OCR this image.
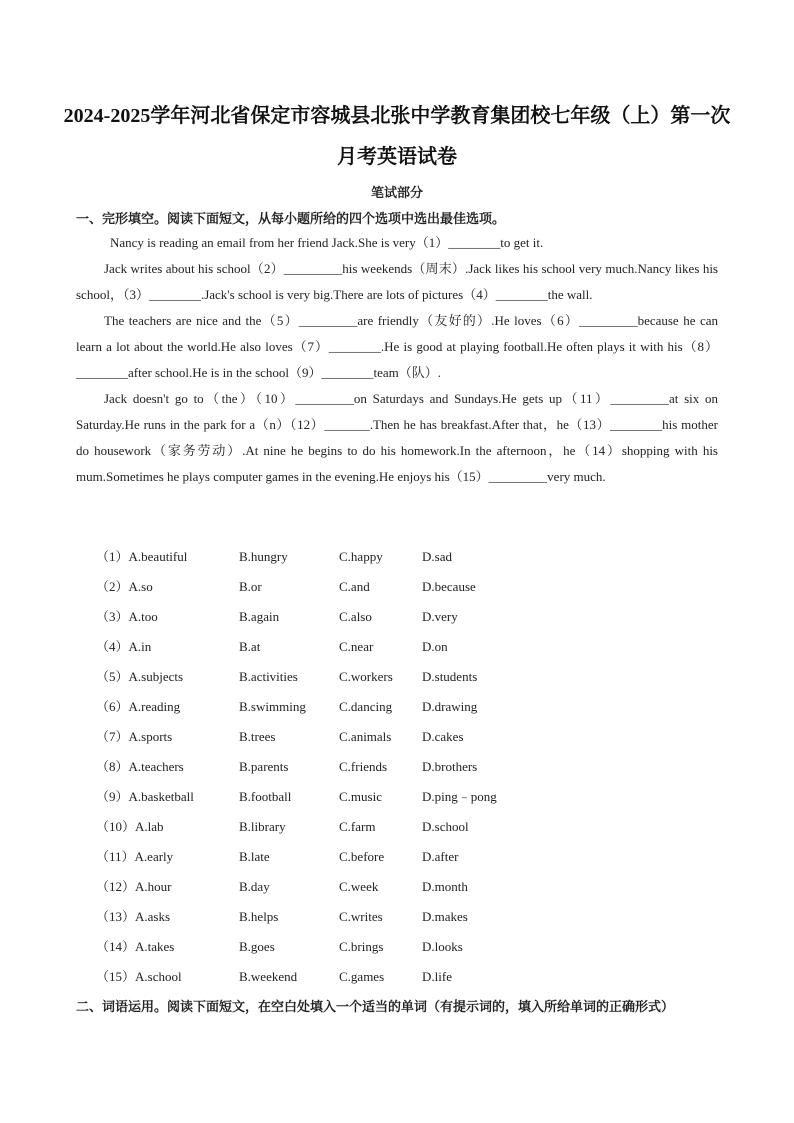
2024-2025学年河北省保定市容城县北张中学教育集团校七年级（上）第一次月考英语试卷
笔试部分
一、完形填空。阅读下面短文，从每小题所给的四个选项中选出最佳选项。
Nancy is reading an email from her friend Jack.She is very（1）________to get it.
Jack writes about his school（2）_________his weekends（周末）.Jack likes his school very much.Nancy likes his school，（3）________.Jack's school is very big.There are lots of pictures（4）________the wall.
The teachers are nice and the（5）_________are friendly（友好的）.He loves（6）_________because he can learn a lot about the world.He also loves（7）________.He is good at playing football.He often plays it with his（8）________after school.He is in the school（9）________team（队）.
Jack doesn't go to（the）（10）_________on Saturdays and Sundays.He gets up（11）_________at six on Saturday.He runs in the park for a（n）（12）_______.Then he has breakfast.After that，he（13）________his mother do housework（家务劳动）.At nine he begins to do his homework.In the afternoon，he（14）shopping with his mum.Sometimes he plays computer games in the evening.He enjoys his（15）_________very much.
（1）A.beautiful	B.hungry	C.happy	D.sad
（2）A.so	B.or	C.and	D.because
（3）A.too	B.again	C.also	D.very
（4）A.in	B.at	C.near	D.on
（5）A.subjects	B.activities	C.workers D.students
（6）A.reading	B.swimming	C.dancing D.drawing
（7）A.sports	B.trees	C.animals D.cakes
（8）A.teachers	B.parents	C.friends	D.brothers
（9）A.basketball	B.football	C.music	D.ping﹣pong
（10）A.lab	B.library	C.farm	D.school
（11）A.early	B.late	C.before	D.after
（12）A.hour	B.day	C.week	D.month
（13）A.asks	B.helps	C.writes	D.makes
（14）A.takes	B.goes	C.brings	D.looks
（15）A.school	B.weekend	C.games	D.life
二、词语运用。阅读下面短文，在空白处填入一个适当的单词（有提示词的，填入所给单词的正确形式）
